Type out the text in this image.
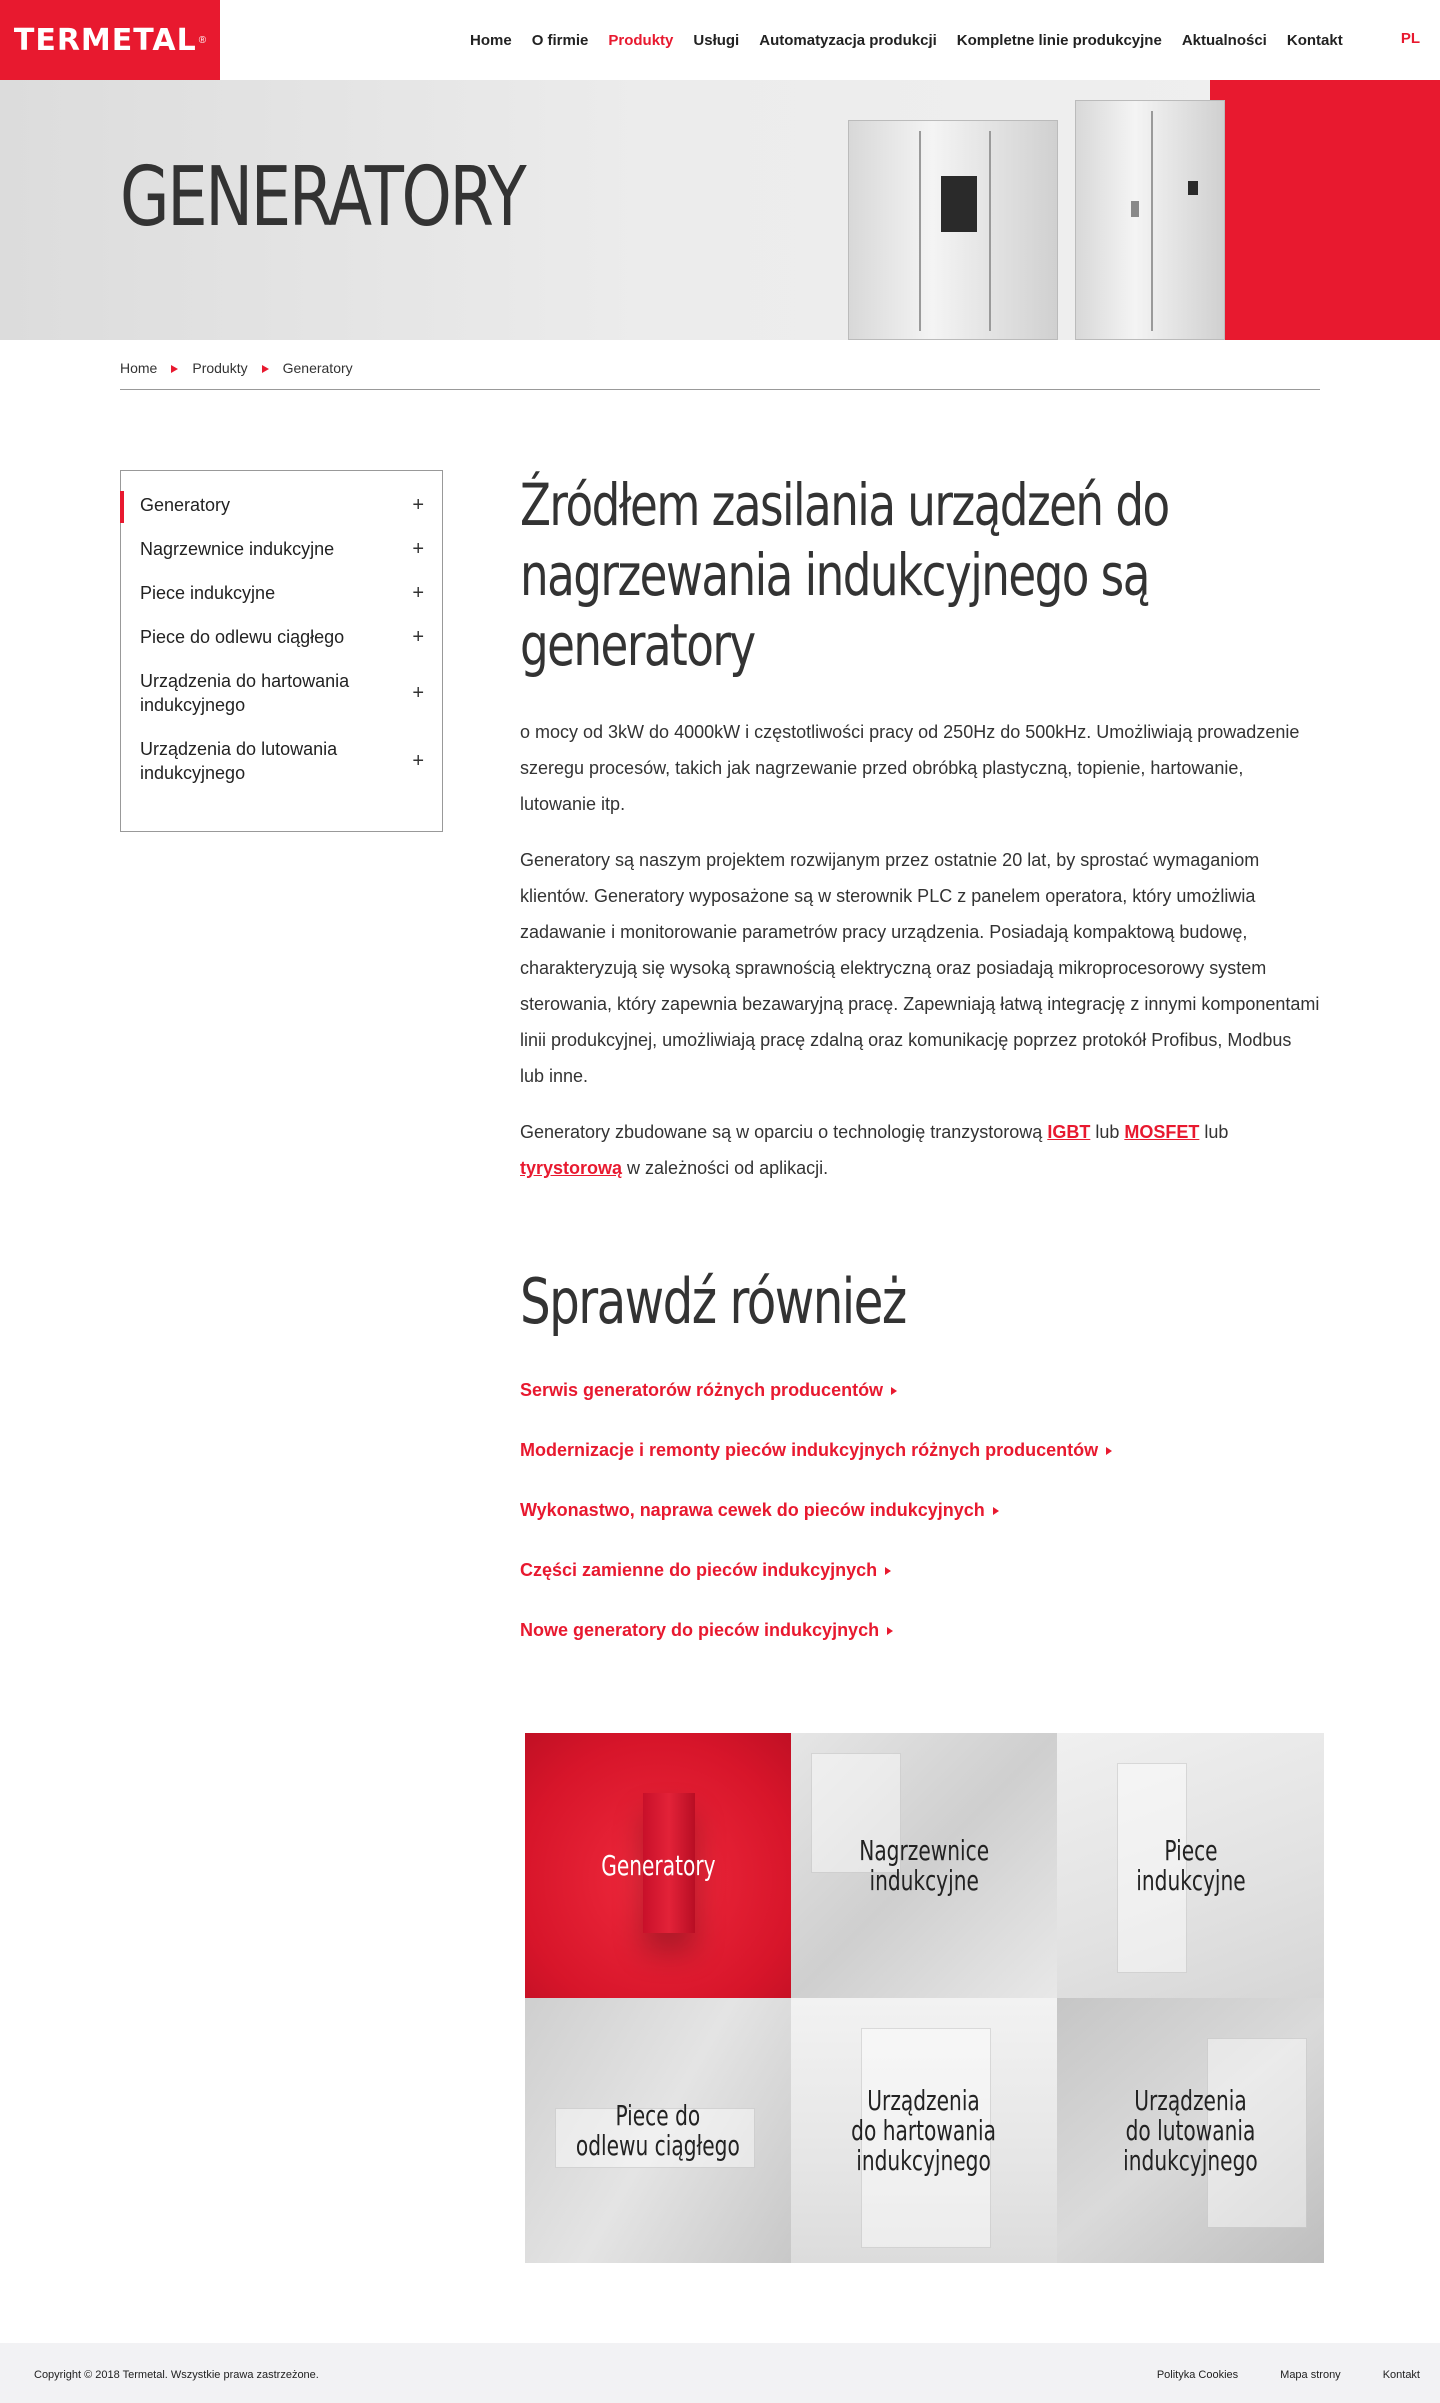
TERMETAL ®	Home O firmie Produkty Usługi Automatyzacja produkcji Kompletne linie produkcyjne Aktualności Kontakt	PL
GENERATORY
Home	Produkty	Generatory
Generatory	+
Nagrzewnice indukcyjne	+
Piece indukcyjne	+
Piece do odlewu ciągłego	+
Urządzenia do hartowania indukcyjnego
+
Urządzenia do lutowania indukcyjnego
+
Źródłem zasilania urządzeń do nagrzewania indukcyjnego są generatory

o mocy od 3kW do 4000kW i częstotliwości pracy od 250Hz do 500kHz. Umożliwiają prowadzenie szeregu procesów, takich jak nagrzewanie przed obróbką plastyczną, topienie, hartowanie, lutowanie itp.

Generatory są naszym projektem rozwijanym przez ostatnie 20 lat, by sprostać wymaganiom klientów. Generatory wyposażone są w sterownik PLC z panelem operatora, który umożliwia zadawanie i monitorowanie parametrów pracy urządzenia. Posiadają kompaktową budowę, charakteryzują się wysoką sprawnością elektryczną oraz posiadają mikroprocesorowy system sterowania, który zapewnia bezawaryjną pracę. Zapewniają łatwą integrację z innymi komponentami linii produkcyjnej, umożliwiają pracę zdalną oraz komunikację poprzez protokół Profibus, Modbus lub inne.

Generatory zbudowane są w oparciu o technologię tranzystorową IGBT lub MOSFET lub tyrystorową w zależności od aplikacji.

Sprawdź również
Serwis generatorów różnych producentów
Modernizacje i remonty pieców indukcyjnych różnych producentów
Wykonastwo, naprawa cewek do pieców indukcyjnych
Części zamienne do pieców indukcyjnych
Nowe generatory do pieców indukcyjnych
Generatory	Nagrzewnice
indukcyjne
Piece
indukcyjne
Piece do
odlewu ciągłego
Urządzenia
do hartowania
indukcyjnego
Urządzenia
do lutowania
indukcyjnego
Copyright © 2018 Termetal. Wszystkie prawa zastrzeżone.	Polityka Cookies	Mapa strony	Kontakt
